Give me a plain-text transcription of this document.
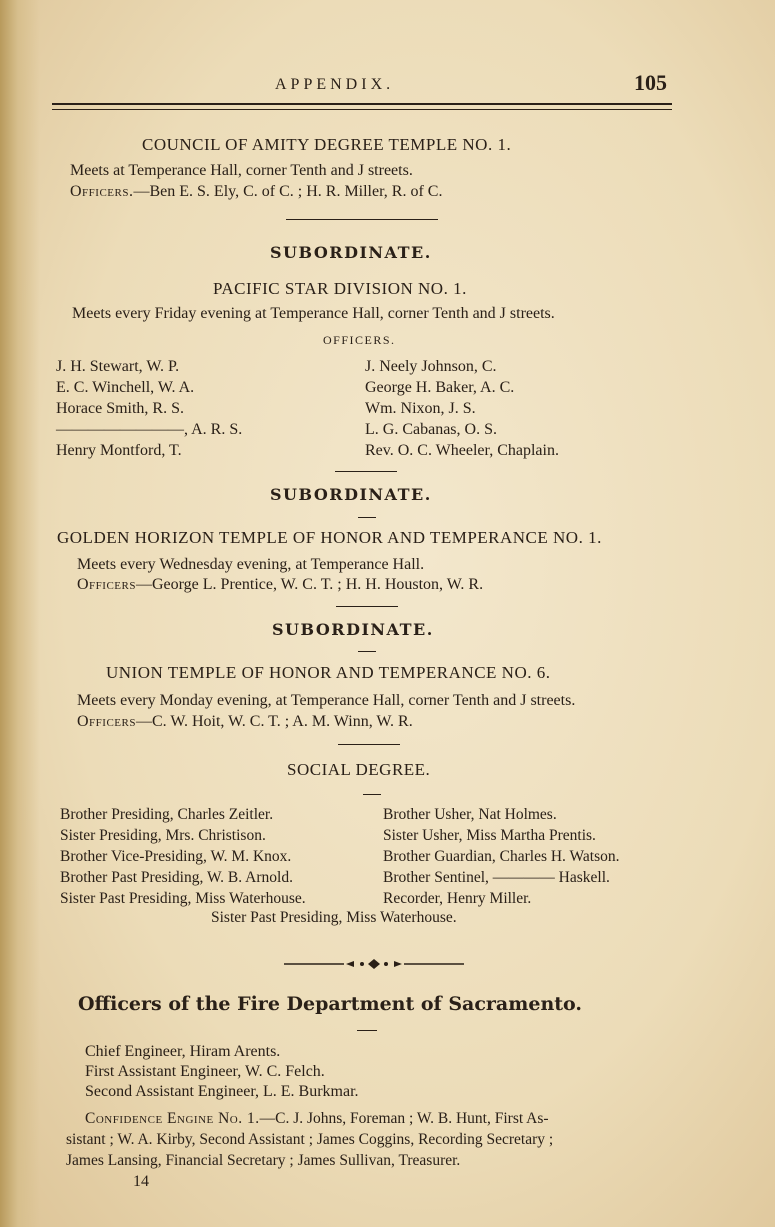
APPENDIX.	105
COUNCIL OF AMITY DEGREE TEMPLE NO. 1.
Meets at Temperance Hall, corner Tenth and J streets.
Officers.—Ben E. S. Ely, C. of C. ; H. R. Miller, R. of C.
SUBORDINATE.
PACIFIC STAR DIVISION NO. 1.
Meets every Friday evening at Temperance Hall, corner Tenth and J streets.
OFFICERS.
J. H. Stewart, W. P.
E. C. Winchell, W. A.
Horace Smith, R. S.
————————, A. R. S.
Henry Montford, T.
J. Neely Johnson, C.
George H. Baker, A. C.
Wm. Nixon, J. S.
L. G. Cabanas, O. S.
Rev. O. C. Wheeler, Chaplain.
SUBORDINATE.
GOLDEN HORIZON TEMPLE OF HONOR AND TEMPERANCE NO. 1.
Meets every Wednesday evening, at Temperance Hall.
Officers—George L. Prentice, W. C. T. ; H. H. Houston, W. R.
SUBORDINATE.
UNION TEMPLE OF HONOR AND TEMPERANCE NO. 6.
Meets every Monday evening, at Temperance Hall, corner Tenth and J streets.
Officers—C. W. Hoit, W. C. T. ; A. M. Winn, W. R.
SOCIAL DEGREE.
Brother Presiding, Charles Zeitler.
Sister Presiding, Mrs. Christison.
Brother Vice-Presiding, W. M. Knox.
Brother Past Presiding, W. B. Arnold.
Sister Past Presiding, Miss Waterhouse.
Brother Usher, Nat Holmes.
Sister Usher, Miss Martha Prentis.
Brother Guardian, Charles H. Watson.
Brother Sentinel, ———— Haskell.
Recorder, Henry Miller.
Sister Past Presiding, Miss Waterhouse.
Officers of the Fire Department of Sacramento.
Chief Engineer, Hiram Arents.
First Assistant Engineer, W. C. Felch.
Second Assistant Engineer, L. E. Burkmar.
Confidence Engine No. 1.—C. J. Johns, Foreman ; W. B. Hunt, First As-
sistant ; W. A. Kirby, Second Assistant ; James Coggins, Recording Secretary ;
James Lansing, Financial Secretary ; James Sullivan, Treasurer.
14
